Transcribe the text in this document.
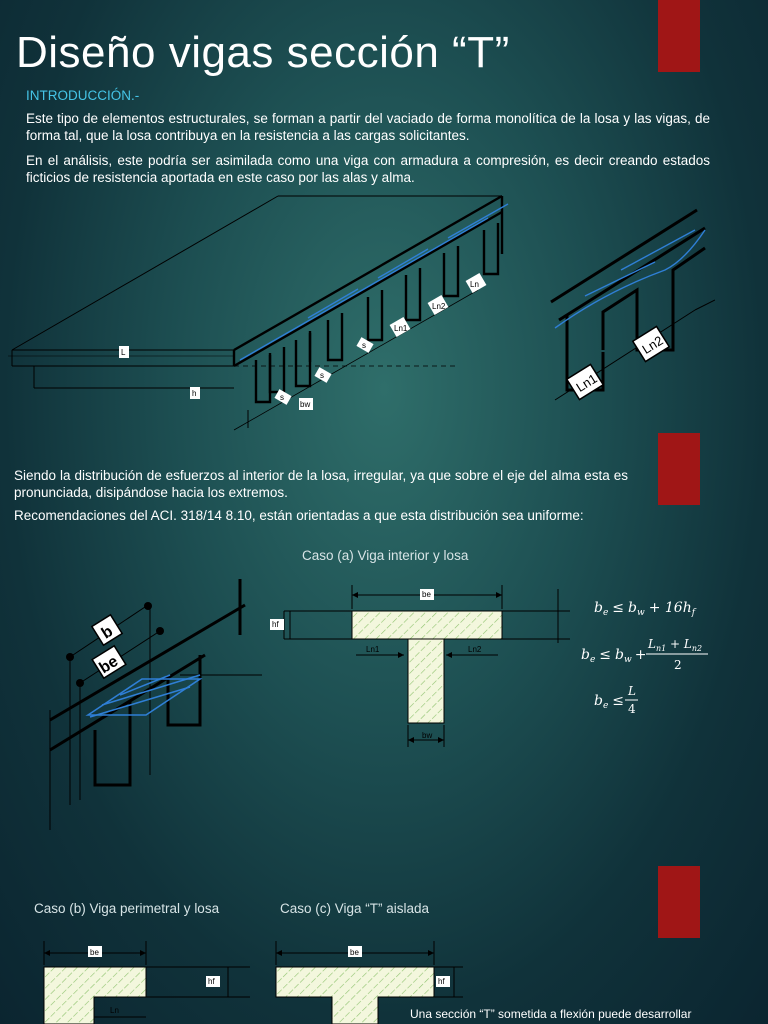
Diseño vigas sección “T”
INTRODUCCIÓN.-

Este tipo de elementos estructurales, se forman a partir del vaciado de forma monolítica de la losa y las vigas, de forma tal, que la losa contribuya en la resistencia a las cargas solicitantes.

En el análisis, este podría ser asimilada como una viga con armadura a compresión, es decir creando estados ficticios de resistencia aportada en este caso por las alas y alma.

L
h
bw
s
s
s
Ln1
Ln2
Ln
Ln1
Ln2

Siendo la distribución de esfuerzos al interior de la losa, irregular, ya que sobre el eje del alma esta es pronunciada, disipándose hacia los extremos.

Recomendaciones del ACI. 318/14 8.10, están orientadas a que esta distribución sea uniforme:

Caso (a) Viga interior y losa
b
be
be
hf
Ln1	Ln2
bw
$b_e \le b_w + 16h_f$
$b_e \le b_w$ +
$L_{n1} + L_{n2}$
2
$b_e$ ≤
L
4
Caso (b) Viga perimetral y losa	Caso (c) Viga “T” aislada
be
hf
Ln
be
hf
Una sección “T” sometida a flexión puede desarrollar
